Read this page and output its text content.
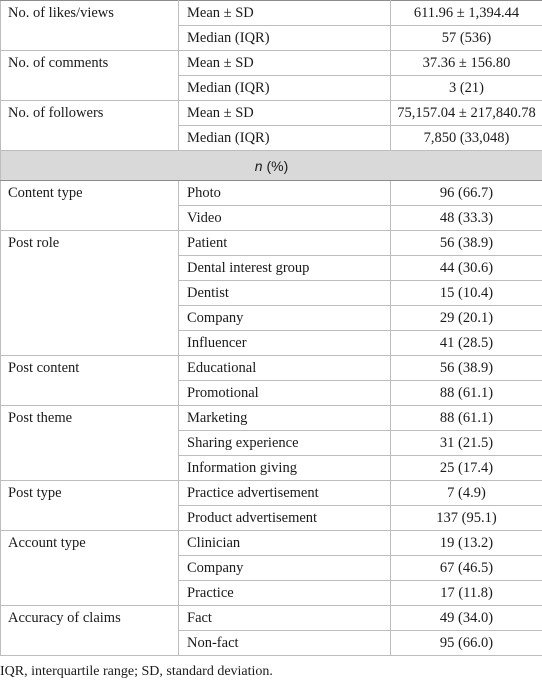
No. of likes/views	Mean ± SD	611.96 ± 1,394.44
	Median (IQR)	57 (536)
No. of comments	Mean ± SD	37.36 ± 156.80
	Median (IQR)	3 (21)
No. of followers	Mean ± SD	75,157.04 ± 217,840.78
	Median (IQR)	7,850 (33,048)
n (%)		
Content type	Photo	96 (66.7)
	Video	48 (33.3)
Post role	Patient	56 (38.9)
	Dental interest group	44 (30.6)
	Dentist	15 (10.4)
	Company	29 (20.1)
	Influencer	41 (28.5)
Post content	Educational	56 (38.9)
	Promotional	88 (61.1)
Post theme	Marketing	88 (61.1)
	Sharing experience	31 (21.5)
	Information giving	25 (17.4)
Post type	Practice advertisement	7 (4.9)
	Product advertisement	137 (95.1)
Account type	Clinician	19 (13.2)
	Company	67 (46.5)
	Practice	17 (11.8)
Accuracy of claims	Fact	49 (34.0)
	Non-fact	95 (66.0)
IQR, interquartile range; SD, standard deviation.
